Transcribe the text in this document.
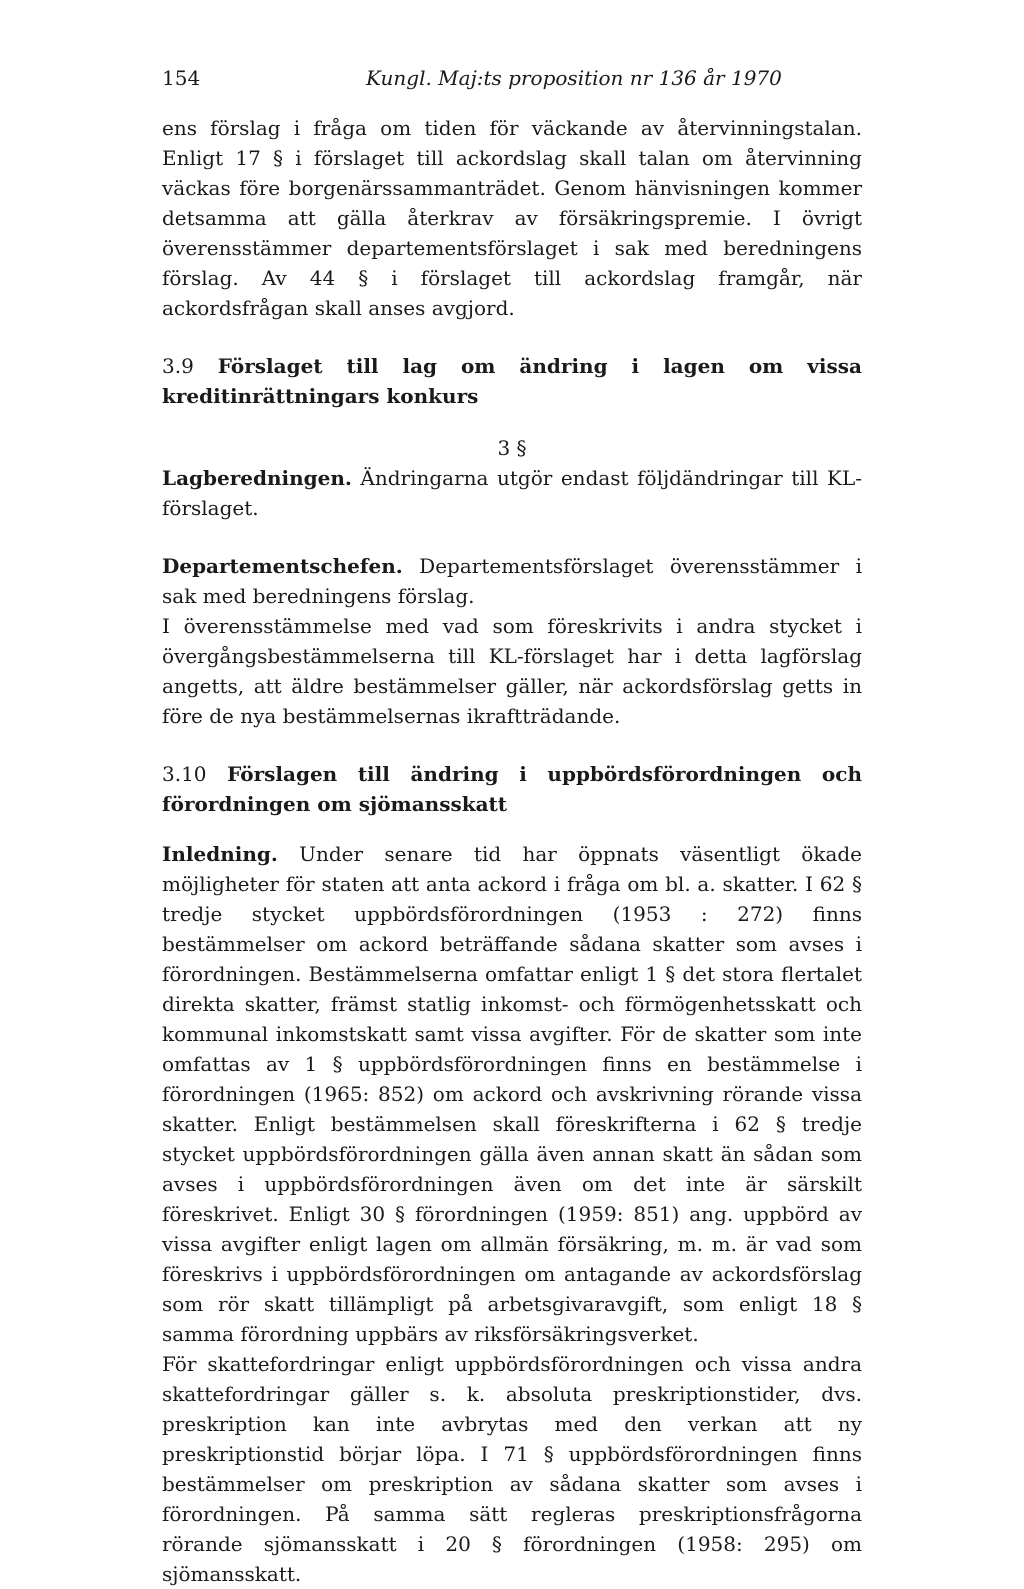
154	Kungl. Maj:ts proposition nr 136 år 1970

ens förslag i fråga om tiden för väckande av återvinningstalan. Enligt 17 § i förslaget till ackordslag skall talan om återvinning väckas före borgenärssammanträdet. Genom hänvisningen kommer detsamma att gälla återkrav av försäkringspremie. I övrigt överensstämmer departementsförslaget i sak med beredningens förslag. Av 44 § i förslaget till ackordslag framgår, när ackordsfrågan skall anses avgjord.

3.9 Förslaget till lag om ändring i lagen om vissa kreditinrättningars konkurs

3 §

Lagberedningen. Ändringarna utgör endast följdändringar till KL-förslaget.

Departementschefen. Departementsförslaget överensstämmer i sak med beredningens förslag.

I överensstämmelse med vad som föreskrivits i andra stycket i övergångsbestämmelserna till KL-förslaget har i detta lagförslag angetts, att äldre bestämmelser gäller, när ackordsförslag getts in före de nya bestämmelsernas ikraftträdande.

3.10 Förslagen till ändring i uppbördsförordningen och förordningen om sjömansskatt

Inledning. Under senare tid har öppnats väsentligt ökade möjligheter för staten att anta ackord i fråga om bl. a. skatter. I 62 § tredje stycket uppbördsförordningen (1953 : 272) finns bestämmelser om ackord beträffande sådana skatter som avses i förordningen. Bestämmelserna omfattar enligt 1 § det stora flertalet direkta skatter, främst statlig inkomst- och förmögenhetsskatt och kommunal inkomstskatt samt vissa avgifter. För de skatter som inte omfattas av 1 § uppbördsförordningen finns en bestämmelse i förordningen (1965: 852) om ackord och avskrivning rörande vissa skatter. Enligt bestämmelsen skall föreskrifterna i 62 § tredje stycket uppbördsförordningen gälla även annan skatt än sådan som avses i uppbördsförordningen även om det inte är särskilt föreskrivet. Enligt 30 § förordningen (1959: 851) ang. uppbörd av vissa avgifter enligt lagen om allmän försäkring, m. m. är vad som föreskrivs i uppbördsförordningen om antagande av ackordsförslag som rör skatt tillämpligt på arbetsgivaravgift, som enligt 18 § samma förordning uppbärs av riksförsäkringsverket.

För skattefordringar enligt uppbördsförordningen och vissa andra skattefordringar gäller s. k. absoluta preskriptionstider, dvs. preskription kan inte avbrytas med den verkan att ny preskriptionstid börjar löpa. I 71 § uppbördsförordningen finns bestämmelser om preskription av sådana skatter som avses i förordningen. På samma sätt regleras preskriptionsfrågorna rörande sjömansskatt i 20 § förordningen (1958: 295) om sjömansskatt.
